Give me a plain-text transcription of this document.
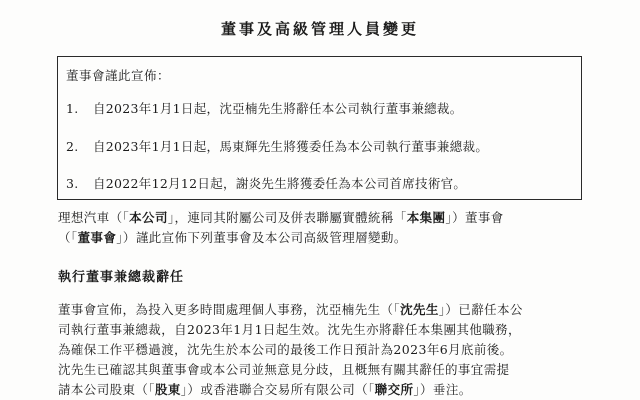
董事及高級管理人員變更
董事會謹此宣佈：
1. 自2023年1月1日起，沈亞楠先生將辭任本公司執行董事兼總裁。
2. 自2023年1月1日起，馬東輝先生將獲委任為本公司執行董事兼總裁。
3. 自2022年12月12日起，謝炎先生將獲委任為本公司首席技術官。
理想汽車（「本公司」，連同其附屬公司及併表聯屬實體統稱「本集團」）董事會
（「董事會」）謹此宣佈下列董事會及本公司高級管理層變動。
執行董事兼總裁辭任
董事會宣佈，為投入更多時間處理個人事務，沈亞楠先生（「沈先生」）已辭任本公
司執行董事兼總裁，自2023年1月1日起生效。沈先生亦將辭任本集團其他職務，
為確保工作平穩過渡，沈先生於本公司的最後工作日預計為2023年6月底前後。
沈先生已確認其與董事會或本公司並無意見分歧，且概無有關其辭任的事宜需提
請本公司股東（「股東」）或香港聯合交易所有限公司（「聯交所」）垂注。
